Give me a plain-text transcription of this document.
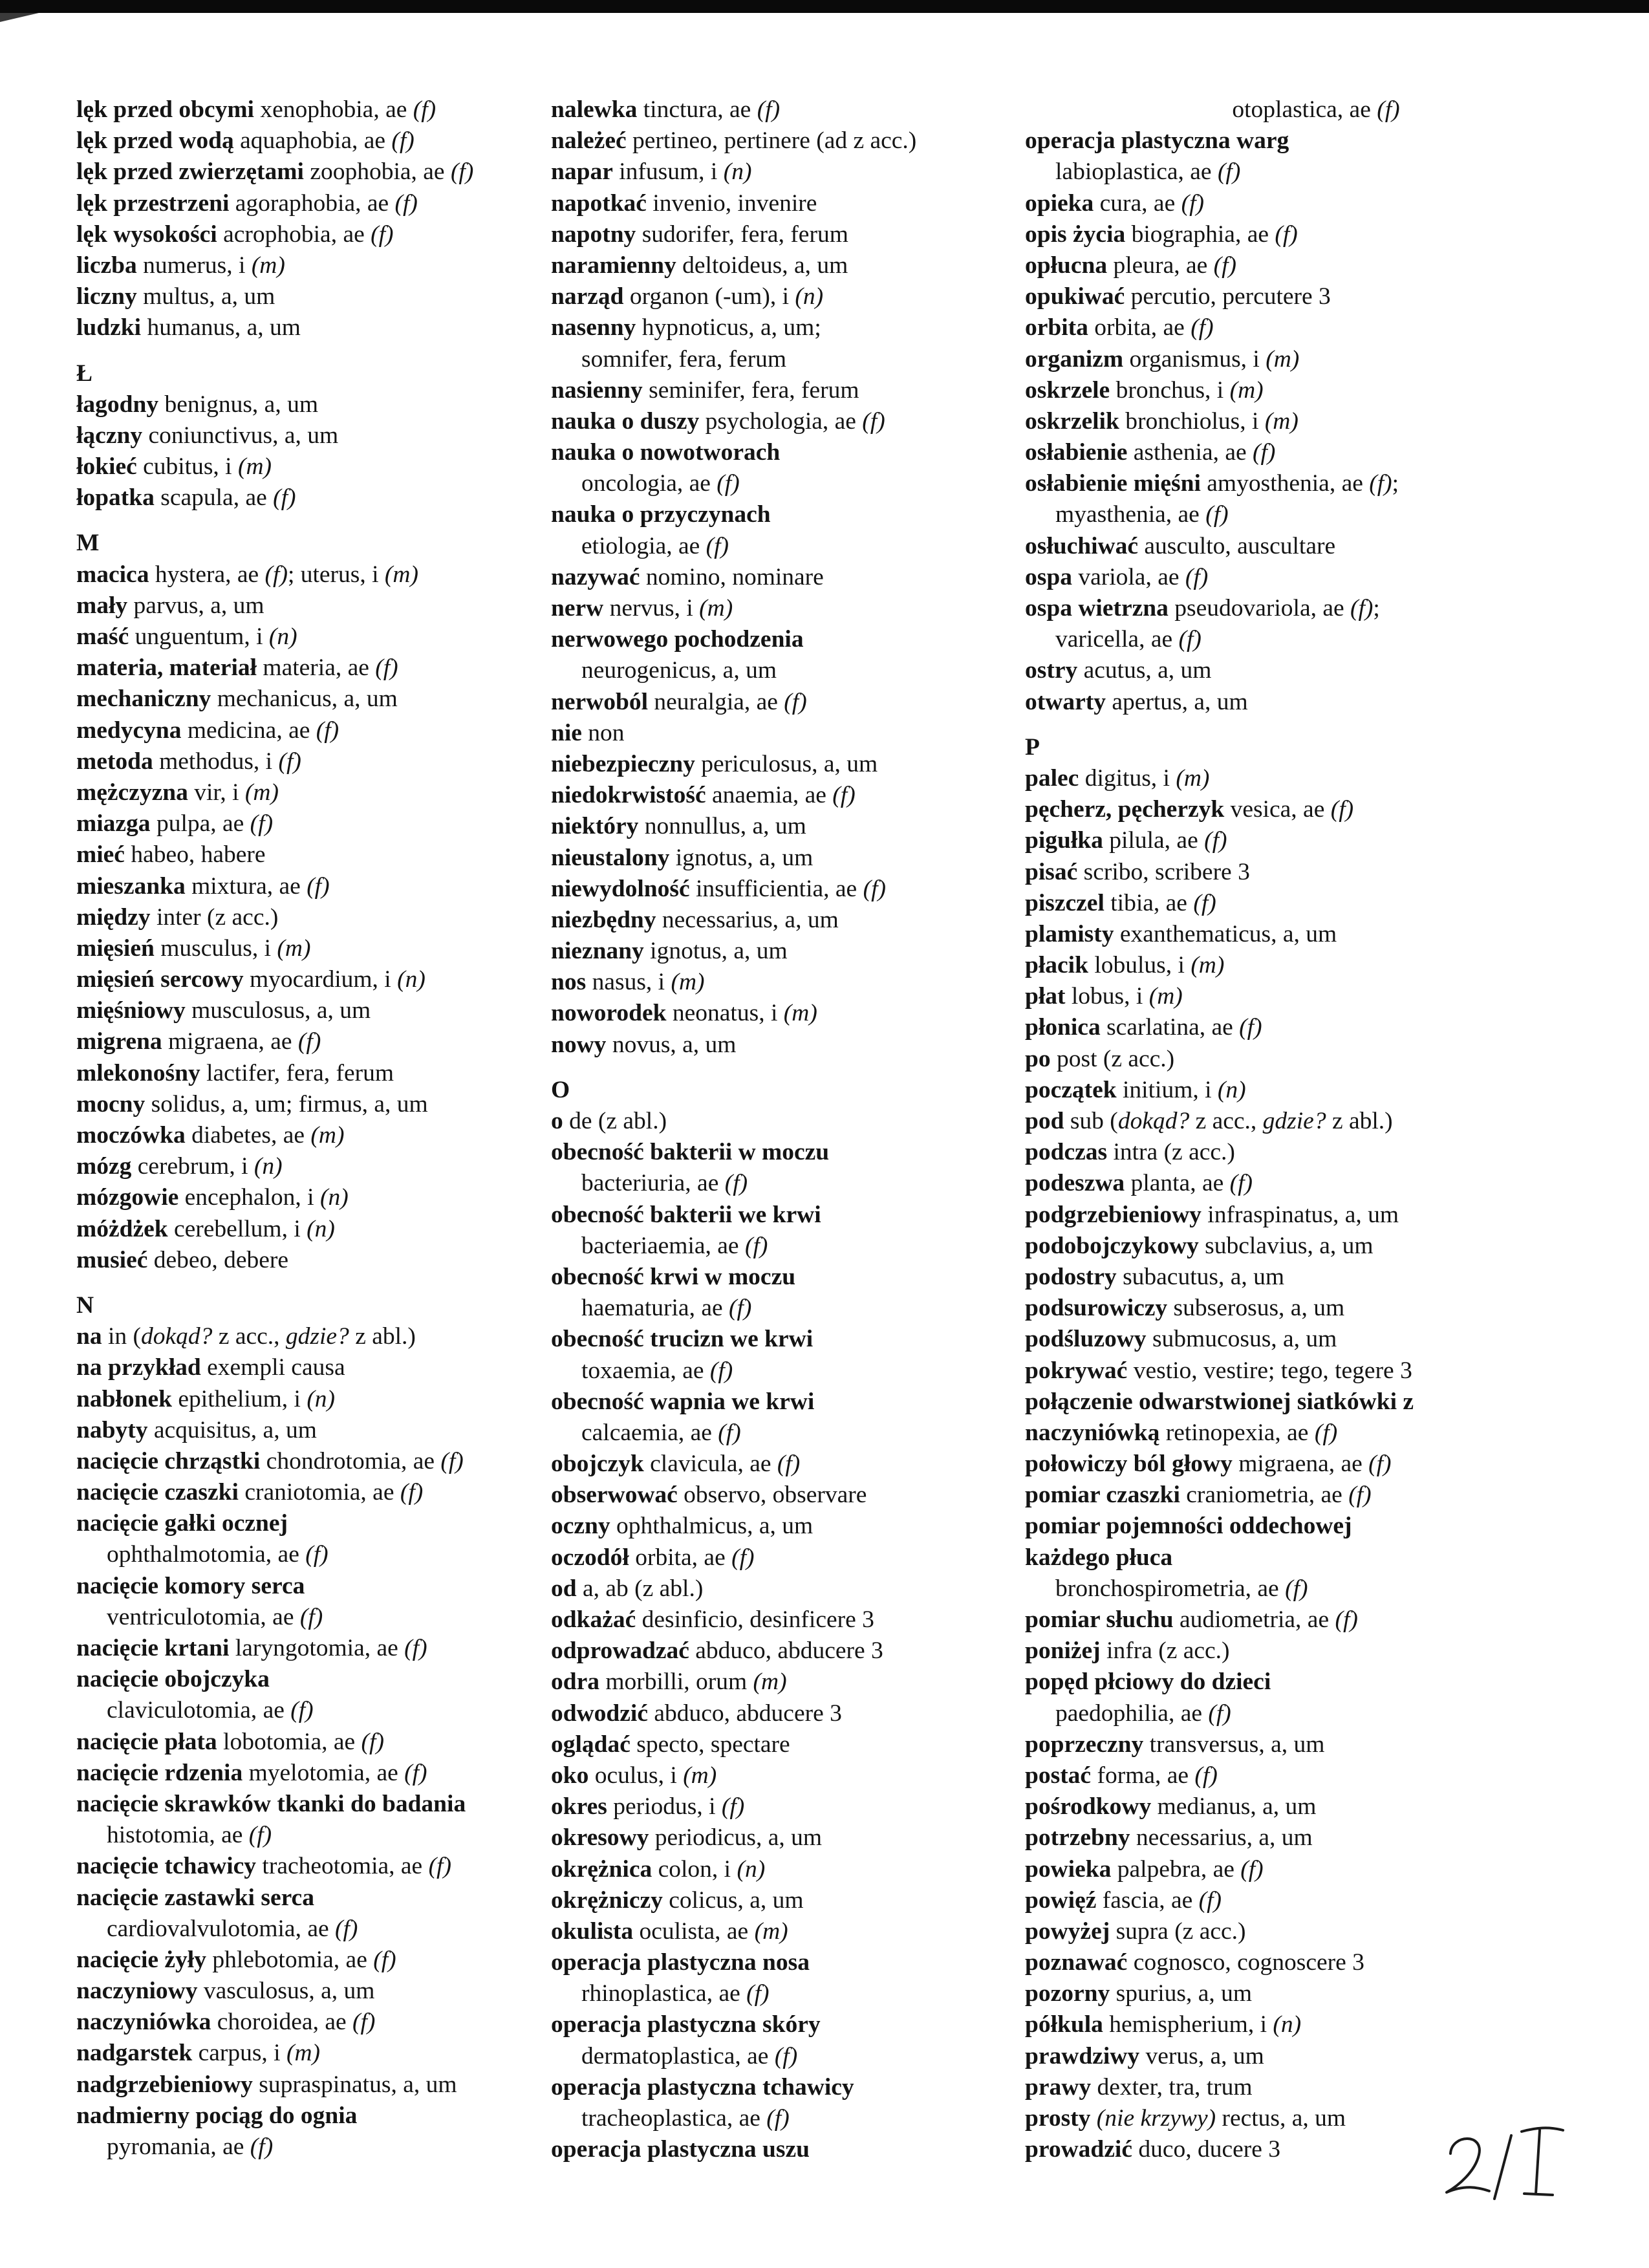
lęk przed obcymi xenophobia, ae (f)
lęk przed wodą aquaphobia, ae (f)
lęk przed zwierzętami zoophobia, ae (f)
lęk przestrzeni agoraphobia, ae (f)
lęk wysokości acrophobia, ae (f)
liczba numerus, i (m)
liczny multus, a, um
ludzki humanus, a, um
Ł
łagodny benignus, a, um
łączny coniunctivus, a, um
łokieć cubitus, i (m)
łopatka scapula, ae (f)
M
macica hystera, ae (f); uterus, i (m)
mały parvus, a, um
maść unguentum, i (n)
materia, materiał materia, ae (f)
mechaniczny mechanicus, a, um
medycyna medicina, ae (f)
metoda methodus, i (f)
mężczyzna vir, i (m)
miazga pulpa, ae (f)
mieć habeo, habere
mieszanka mixtura, ae (f)
między inter (z acc.)
mięsień musculus, i (m)
mięsień sercowy myocardium, i (n)
mięśniowy musculosus, a, um
migrena migraena, ae (f)
mlekonośny lactifer, fera, ferum
mocny solidus, a, um; firmus, a, um
moczówka diabetes, ae (m)
mózg cerebrum, i (n)
mózgowie encephalon, i (n)
móżdżek cerebellum, i (n)
musieć debeo, debere
N
na in (dokąd? z acc., gdzie? z abl.)
na przykład exempli causa
nabłonek epithelium, i (n)
nabyty acquisitus, a, um
nacięcie chrząstki chondrotomia, ae (f)
nacięcie czaszki craniotomia, ae (f)
nacięcie gałki ocznej
ophthalmotomia, ae (f)
nacięcie komory serca
ventriculotomia, ae (f)
nacięcie krtani laryngotomia, ae (f)
nacięcie obojczyka
claviculotomia, ae (f)
nacięcie płata lobotomia, ae (f)
nacięcie rdzenia myelotomia, ae (f)
nacięcie skrawków tkanki do badania
histotomia, ae (f)
nacięcie tchawicy tracheotomia, ae (f)
nacięcie zastawki serca
cardiovalvulotomia, ae (f)
nacięcie żyły phlebotomia, ae (f)
naczyniowy vasculosus, a, um
naczyniówka choroidea, ae (f)
nadgarstek carpus, i (m)
nadgrzebieniowy supraspinatus, a, um
nadmierny pociąg do ognia
pyromania, ae (f)
nalewka tinctura, ae (f)
należeć pertineo, pertinere (ad z acc.)
napar infusum, i (n)
napotkać invenio, invenire
napotny sudorifer, fera, ferum
naramienny deltoideus, a, um
narząd organon (-um), i (n)
nasenny hypnoticus, a, um;
somnifer, fera, ferum
nasienny seminifer, fera, ferum
nauka o duszy psychologia, ae (f)
nauka o nowotworach
oncologia, ae (f)
nauka o przyczynach
etiologia, ae (f)
nazywać nomino, nominare
nerw nervus, i (m)
nerwowego pochodzenia
neurogenicus, a, um
nerwoból neuralgia, ae (f)
nie non
niebezpieczny periculosus, a, um
niedokrwistość anaemia, ae (f)
niektóry nonnullus, a, um
nieustalony ignotus, a, um
niewydolność insufficientia, ae (f)
niezbędny necessarius, a, um
nieznany ignotus, a, um
nos nasus, i (m)
noworodek neonatus, i (m)
nowy novus, a, um
O
o de (z abl.)
obecność bakterii w moczu
bacteriuria, ae (f)
obecność bakterii we krwi
bacteriaemia, ae (f)
obecność krwi w moczu
haematuria, ae (f)
obecność trucizn we krwi
toxaemia, ae (f)
obecność wapnia we krwi
calcaemia, ae (f)
obojczyk clavicula, ae (f)
obserwować observo, observare
oczny ophthalmicus, a, um
oczodół orbita, ae (f)
od a, ab (z abl.)
odkażać desinficio, desinficere 3
odprowadzać abduco, abducere 3
odra morbilli, orum (m)
odwodzić abduco, abducere 3
oglądać specto, spectare
oko oculus, i (m)
okres periodus, i (f)
okresowy periodicus, a, um
okrężnica colon, i (n)
okrężniczy colicus, a, um
okulista oculista, ae (m)
operacja plastyczna nosa
rhinoplastica, ae (f)
operacja plastyczna skóry
dermatoplastica, ae (f)
operacja plastyczna tchawicy
tracheoplastica, ae (f)
operacja plastyczna uszu
otoplastica, ae (f)
operacja plastyczna warg
labioplastica, ae (f)
opieka cura, ae (f)
opis życia biographia, ae (f)
opłucna pleura, ae (f)
opukiwać percutio, percutere 3
orbita orbita, ae (f)
organizm organismus, i (m)
oskrzele bronchus, i (m)
oskrzelik bronchiolus, i (m)
osłabienie asthenia, ae (f)
osłabienie mięśni amyosthenia, ae (f);
myasthenia, ae (f)
osłuchiwać ausculto, auscultare
ospa variola, ae (f)
ospa wietrzna pseudovariola, ae (f);
varicella, ae (f)
ostry acutus, a, um
otwarty apertus, a, um
P
palec digitus, i (m)
pęcherz, pęcherzyk vesica, ae (f)
pigułka pilula, ae (f)
pisać scribo, scribere 3
piszczel tibia, ae (f)
plamisty exanthematicus, a, um
płacik lobulus, i (m)
płat lobus, i (m)
płonica scarlatina, ae (f)
po post (z acc.)
początek initium, i (n)
pod sub (dokąd? z acc., gdzie? z abl.)
podczas intra (z acc.)
podeszwa planta, ae (f)
podgrzebieniowy infraspinatus, a, um
podobojczykowy subclavius, a, um
podostry subacutus, a, um
podsurowiczy subserosus, a, um
podśluzowy submucosus, a, um
pokrywać vestio, vestire; tego, tegere 3
połączenie odwarstwionej siatkówki z
naczyniówką retinopexia, ae (f)
połowiczy ból głowy migraena, ae (f)
pomiar czaszki craniometria, ae (f)
pomiar pojemności oddechowej
każdego płuca
bronchospirometria, ae (f)
pomiar słuchu audiometria, ae (f)
poniżej infra (z acc.)
popęd płciowy do dzieci
paedophilia, ae (f)
poprzeczny transversus, a, um
postać forma, ae (f)
pośrodkowy medianus, a, um
potrzebny necessarius, a, um
powieka palpebra, ae (f)
powięź fascia, ae (f)
powyżej supra (z acc.)
poznawać cognosco, cognoscere 3
pozorny spurius, a, um
półkula hemispherium, i (n)
prawdziwy verus, a, um
prawy dexter, tra, trum
prosty (nie krzywy) rectus, a, um
prowadzić duco, ducere 3
